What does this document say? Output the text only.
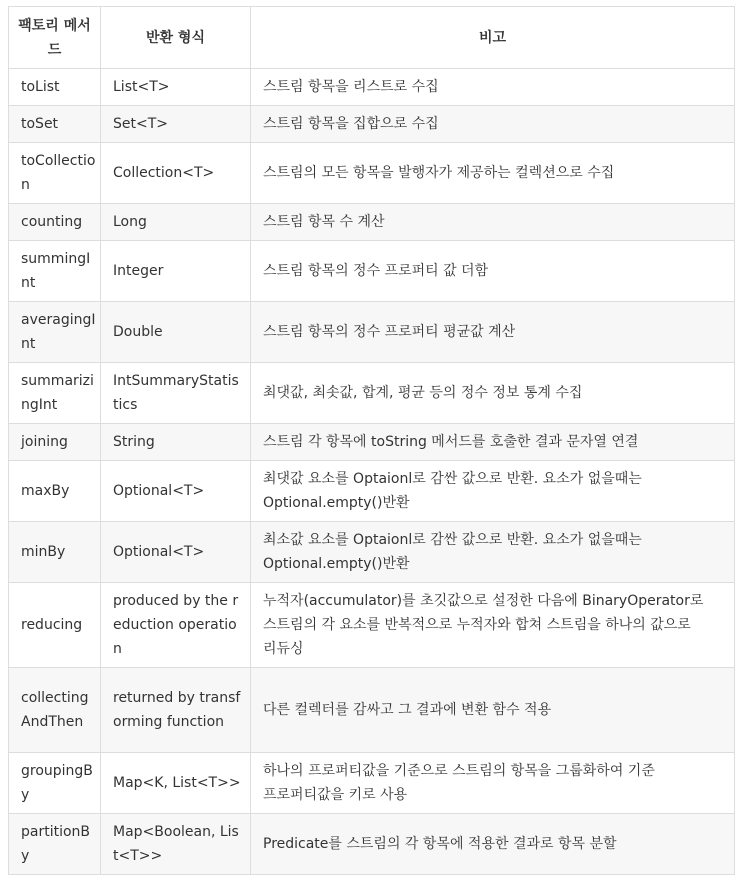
팩토리 메서드	반환 형식	비고
toList	List<T>	스트림 항목을 리스트로 수집
toSet	Set<T>	스트림 항목을 집합으로 수집
toCollection	Collection<T>	스트림의 모든 항목을 발행자가 제공하는 컬렉션으로 수집
counting	Long	스트림 항목 수 계산
summingInt	Integer	스트림 항목의 정수 프로퍼티 값 더함
averagingInt	Double	스트림 항목의 정수 프로퍼티 평균값 계산
summarizingInt	IntSummaryStatistics	최댓값, 최솟값, 합계, 평균 등의 정수 정보 통계 수집
joining	String	스트림 각 항목에 toString 메서드를 호출한 결과 문자열 연결
maxBy	Optional<T>	최댓값 요소를 Optaionl로 감싼 값으로 반환. 요소가 없을때는 Optional.empty()반환
minBy	Optional<T>	최소값 요소를 Optaionl로 감싼 값으로 반환. 요소가 없을때는 Optional.empty()반환
reducing	produced by the reduction operation	누적자(accumulator)를 초깃값으로 설정한 다음에 BinaryOperator로 스트림의 각 요소를 반복적으로 누적자와 합쳐 스트림을 하나의 값으로 리듀싱
collectingAndThen	returned by transforming function	다른 컬렉터를 감싸고 그 결과에 변환 함수 적용
groupingBy	Map<K, List<T>>	하나의 프로퍼티값을 기준으로 스트림의 항목을 그룹화하여 기준 프로퍼티값을 키로 사용
partitionBy	Map<Boolean, List<T>>	Predicate를 스트림의 각 항목에 적용한 결과로 항목 분할
